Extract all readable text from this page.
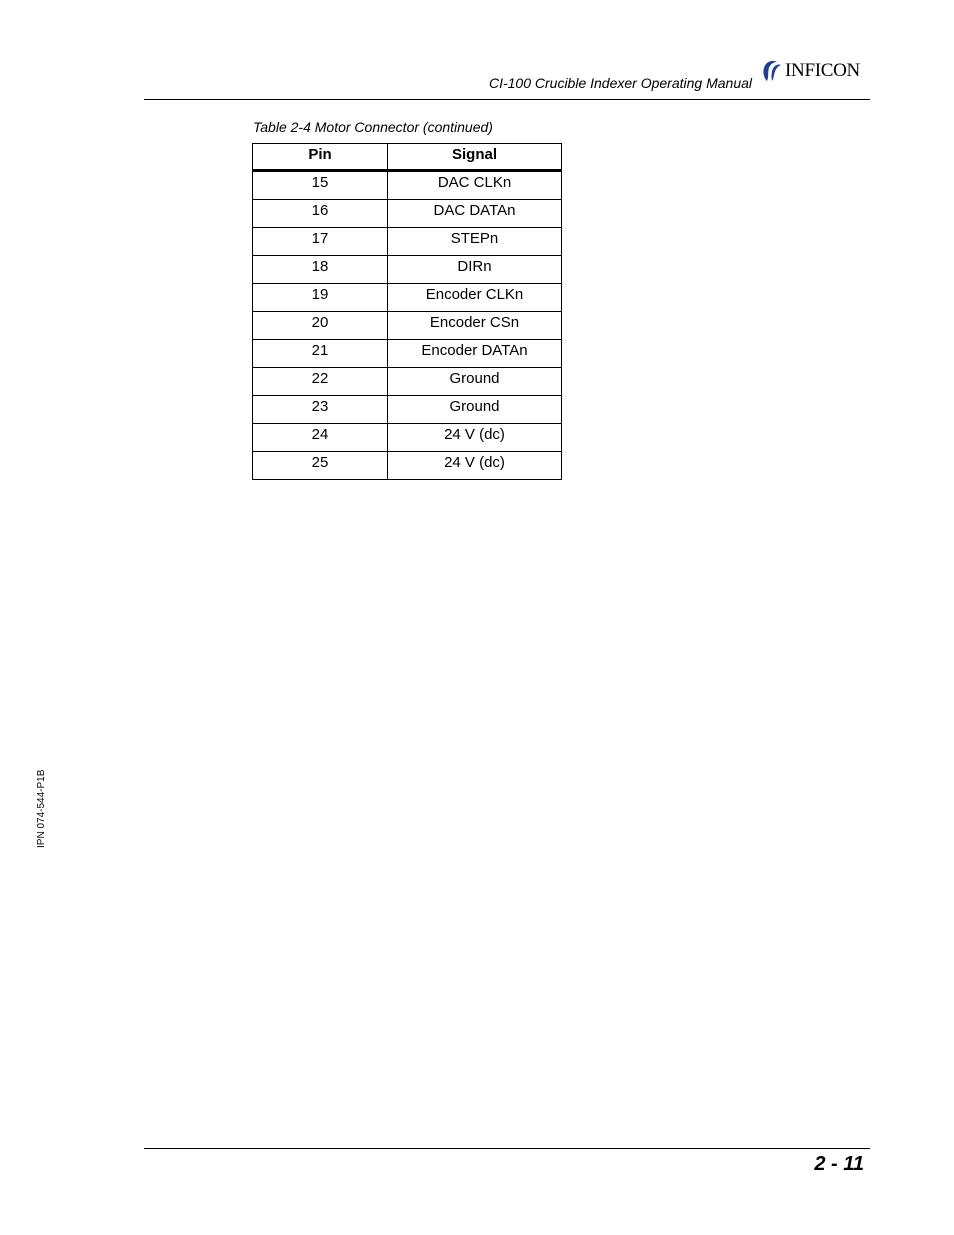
CI-100 Crucible Indexer Operating Manual
INFICON
Table 2-4 Motor Connector (continued)
Pin	Signal
15	DAC CLKn
16	DAC DATAn
17	STEPn
18	DIRn
19	Encoder CLKn
20	Encoder CSn
21	Encoder DATAn
22	Ground
23	Ground
24	24 V (dc)
25	24 V (dc)
IPN 074-544-P1B
2 - 11
